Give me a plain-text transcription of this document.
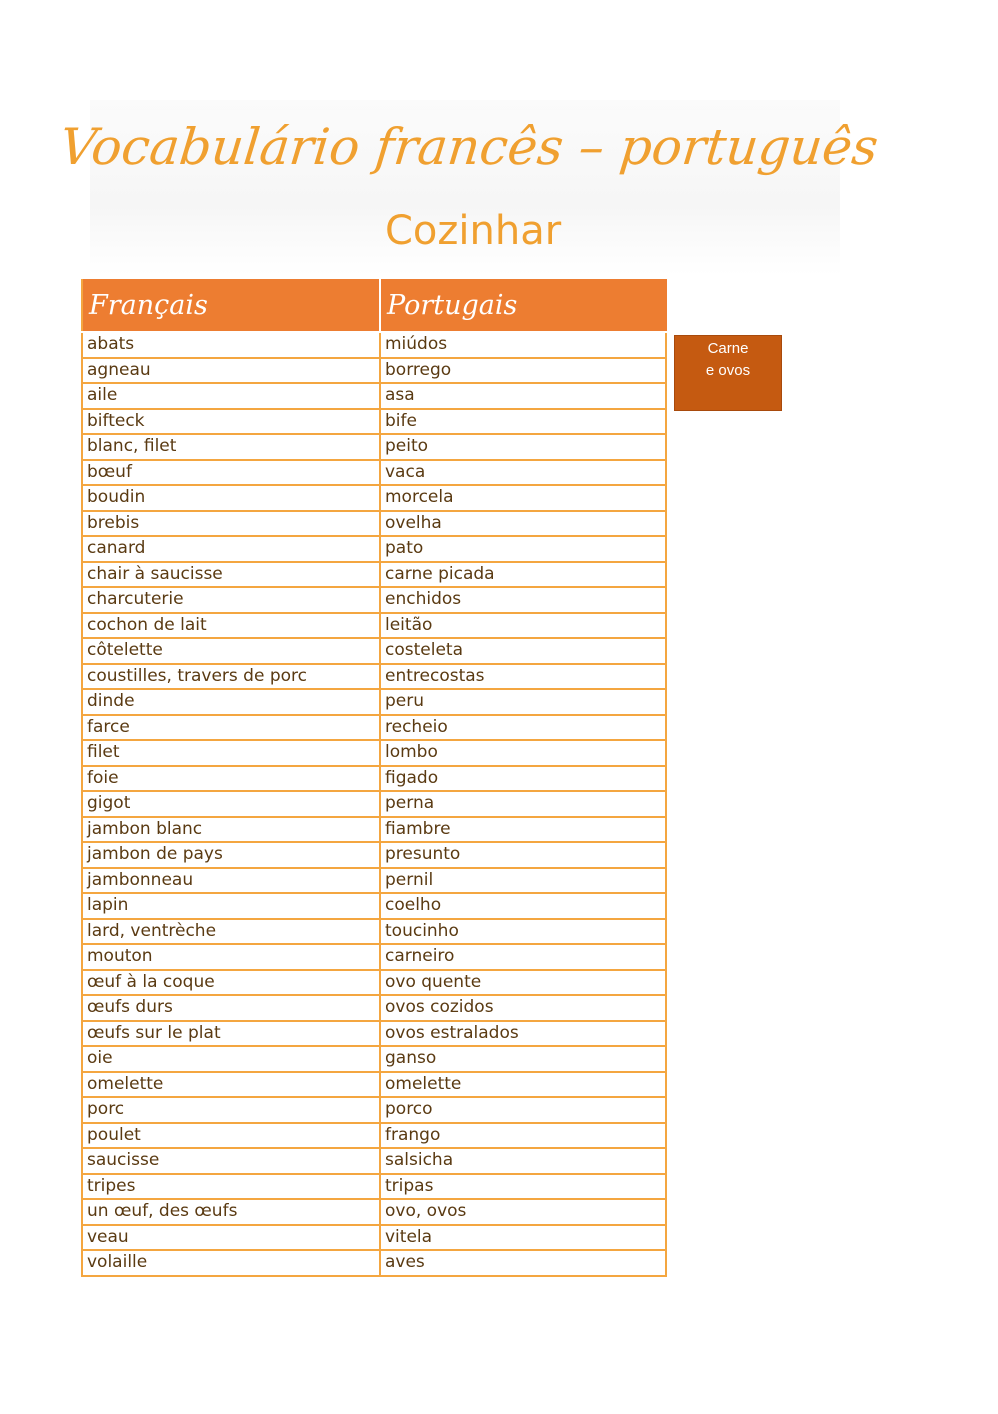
Vocabulário francês – português
Cozinhar
Français	Portugais
abats	miúdos
agneau	borrego
aile	asa
bifteck	bife
blanc, filet	peito
bœuf	vaca
boudin	morcela
brebis	ovelha
canard	pato
chair à saucisse	carne picada
charcuterie	enchidos
cochon de lait	leitão
côtelette	costeleta
coustilles, travers de porc	entrecostas
dinde	peru
farce	recheio
filet	lombo
foie	figado
gigot	perna
jambon blanc	fiambre
jambon de pays	presunto
jambonneau	pernil
lapin	coelho
lard, ventrèche	toucinho
mouton	carneiro
œuf à la coque	ovo quente
œufs durs	ovos cozidos
œufs sur le plat	ovos estralados
oie	ganso
omelette	omelette
porc	porco
poulet	frango
saucisse	salsicha
tripes	tripas
un œuf, des œufs	ovo, ovos
veau	vitela
volaille	aves
Carne
e ovos
